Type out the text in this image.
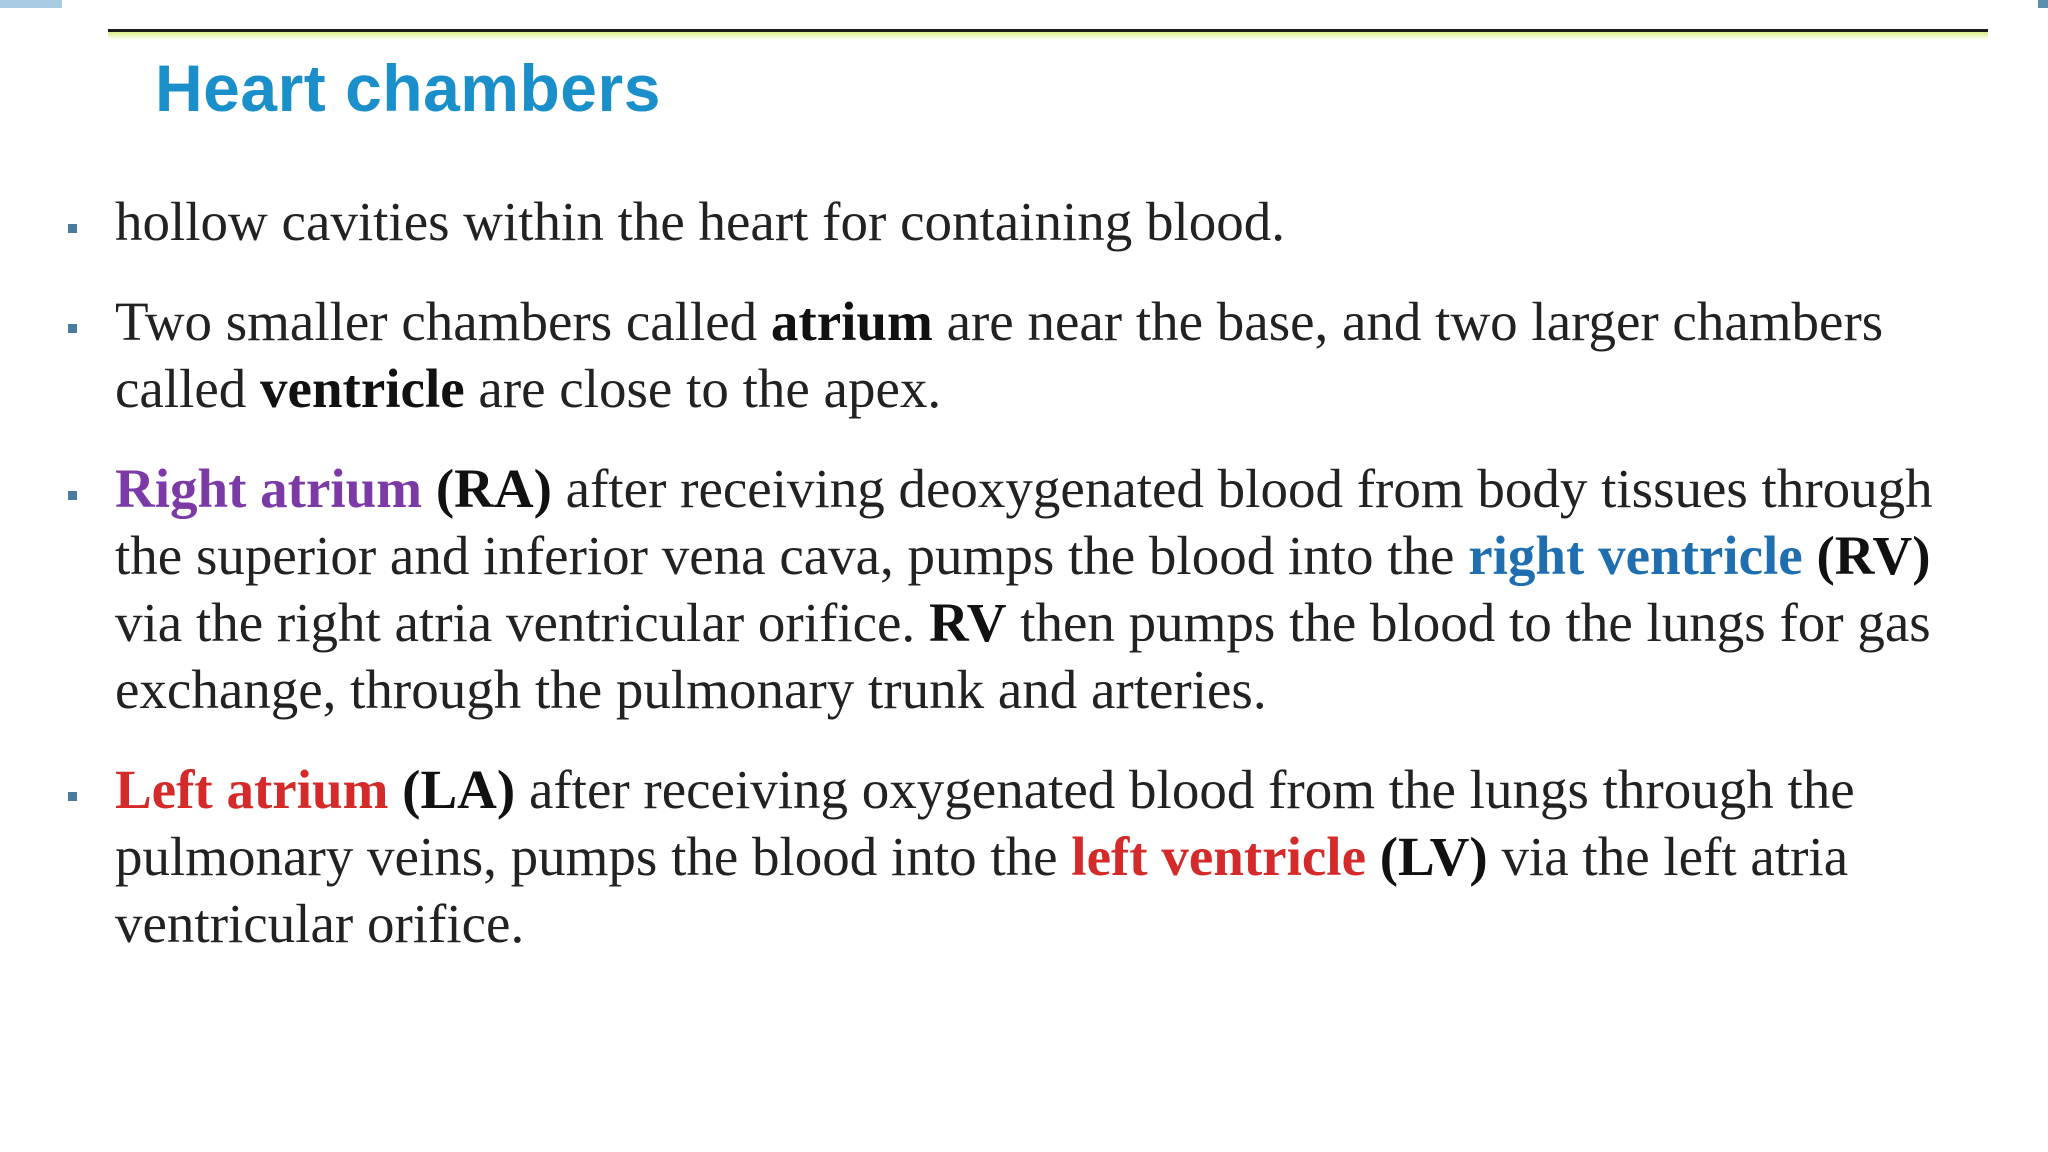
Heart chambers
hollow cavities within the heart for containing blood.
Two smaller chambers called atrium are near the base, and two larger chambers called ventricle are close to the apex.
Right atrium (RA) after receiving deoxygenated blood from body tissues through the superior and inferior vena cava, pumps the blood into the right ventricle (RV) via the right atria ventricular orifice. RV then pumps the blood to the lungs for gas exchange, through the pulmonary trunk and arteries.
Left atrium (LA) after receiving oxygenated blood from the lungs through the pulmonary veins, pumps the blood into the left ventricle (LV) via the left atria ventricular orifice.
